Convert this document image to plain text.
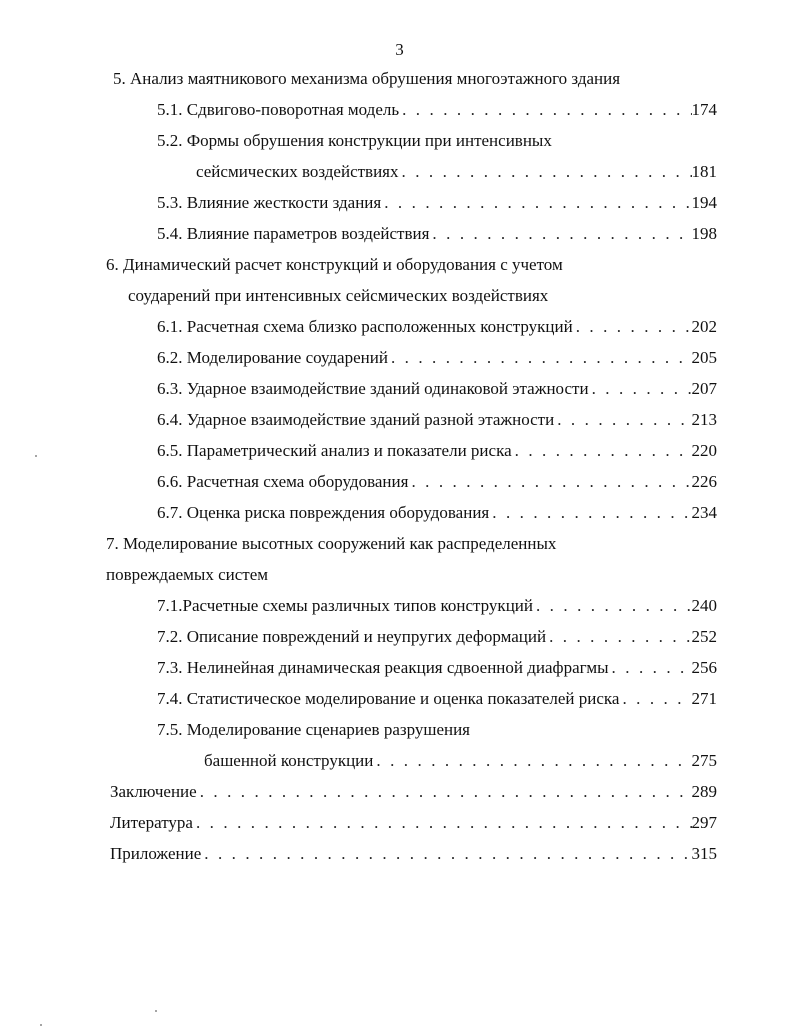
3
5. Анализ маятникового механизма обрушения многоэтажного здания
5.1. Сдвигово-поворотная модель . . .	174
5.2. Формы обрушения конструкции при интенсивных
сейсмических воздействиях . . .	181
5.3. Влияние жесткости здания . . .	194
5.4. Влияние параметров воздействия . . .	198
6. Динамический расчет конструкций и оборудования с учетом
соударений при интенсивных сейсмических воздействиях
6.1. Расчетная схема близко расположенных конструкций . . .	202
6.2. Моделирование соударений . . .	205
6.3. Ударное взаимодействие зданий одинаковой этажности . . .	207
6.4. Ударное взаимодействие зданий разной этажности . . .	213
6.5. Параметрический анализ и показатели риска . . .	220
6.6. Расчетная схема оборудования . . .	226
6.7. Оценка риска повреждения оборудования . . .	234
7. Моделирование высотных сооружений как распределенных
повреждаемых систем
7.1.Расчетные схемы различных типов конструкций . . .	240
7.2. Описание повреждений и неупругих деформаций . . .	252
7.3. Нелинейная динамическая реакция сдвоенной диафрагмы . . .	256
7.4. Статистическое моделирование и оценка показателей риска . . .	271
7.5. Моделирование сценариев разрушения
башенной конструкции . . .	275
Заключение . . .	289
Литература . . .	297
Приложение . . .	315
